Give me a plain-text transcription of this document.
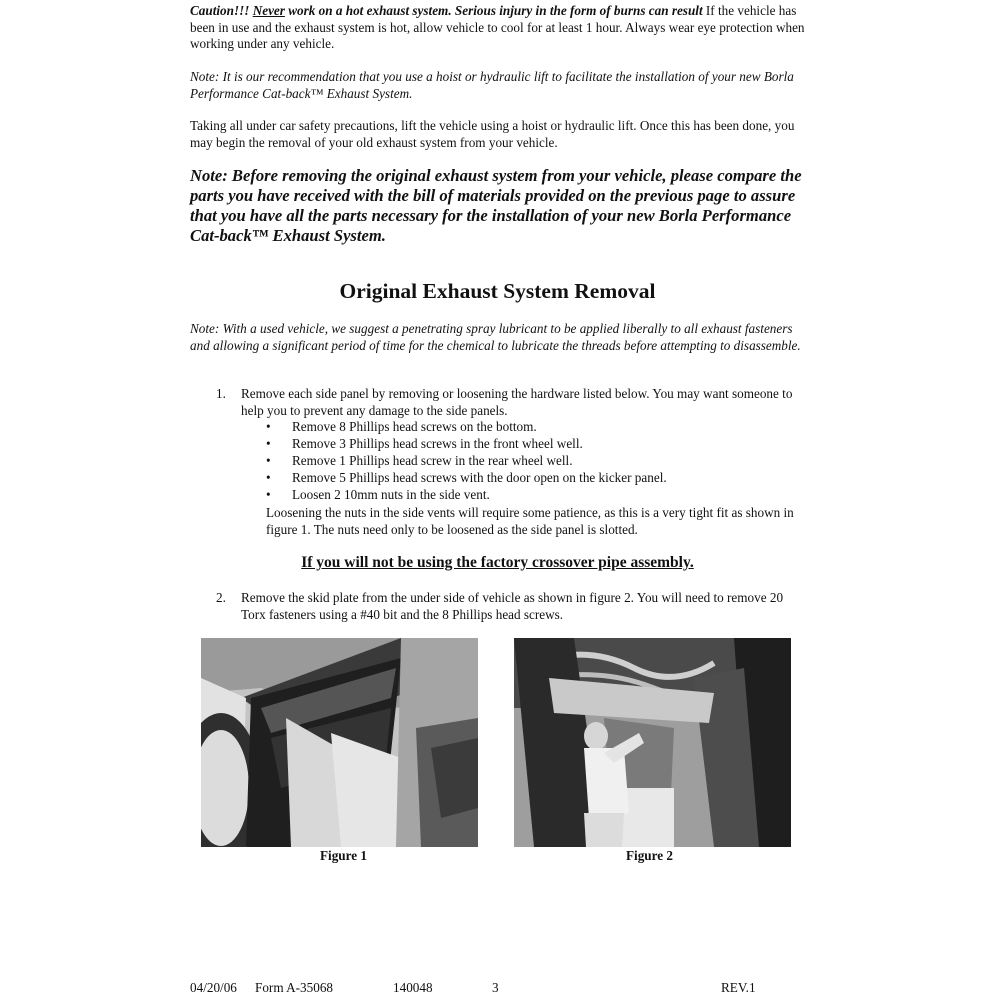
Caution!!! Never work on a hot exhaust system. Serious injury in the form of burns can result If the vehicle has been in use and the exhaust system is hot, allow vehicle to cool for at least 1 hour. Always wear eye protection when working under any vehicle.

Note: It is our recommendation that you use a hoist or hydraulic lift to facilitate the installation of your new Borla Performance Cat-back™ Exhaust System.

Taking all under car safety precautions, lift the vehicle using a hoist or hydraulic lift. Once this has been done, you may begin the removal of your old exhaust system from your vehicle.

Note: Before removing the original exhaust system from your vehicle, please compare the parts you have received with the bill of materials provided on the previous page to assure that you have all the parts necessary for the installation of your new Borla Performance Cat-back™ Exhaust System.

Original Exhaust System Removal

Note: With a used vehicle, we suggest a penetrating spray lubricant to be applied liberally to all exhaust fasteners and allowing a significant period of time for the chemical to lubricate the threads before attempting to disassemble.

1. Remove each side panel by removing or loosening the hardware listed below. You may want someone to help you to prevent any damage to the side panels.
• Remove 8 Phillips head screws on the bottom.
• Remove 3 Phillips head screws in the front wheel well.
• Remove 1 Phillips head screw in the rear wheel well.
• Remove 5 Phillips head screws with the door open on the kicker panel.
• Loosen 2 10mm nuts in the side vent.

Loosening the nuts in the side vents will require some patience, as this is a very tight fit as shown in figure 1. The nuts need only to be loosened as the side panel is slotted.

If you will not be using the factory crossover pipe assembly.

2. Remove the skid plate from the under side of vehicle as shown in figure 2. You will need to remove 20 Torx fasteners using a #40 bit and the 8 Phillips head screws.
Figure 1	Figure 2
04/20/06 Form A-35068	140048	3	REV.1
